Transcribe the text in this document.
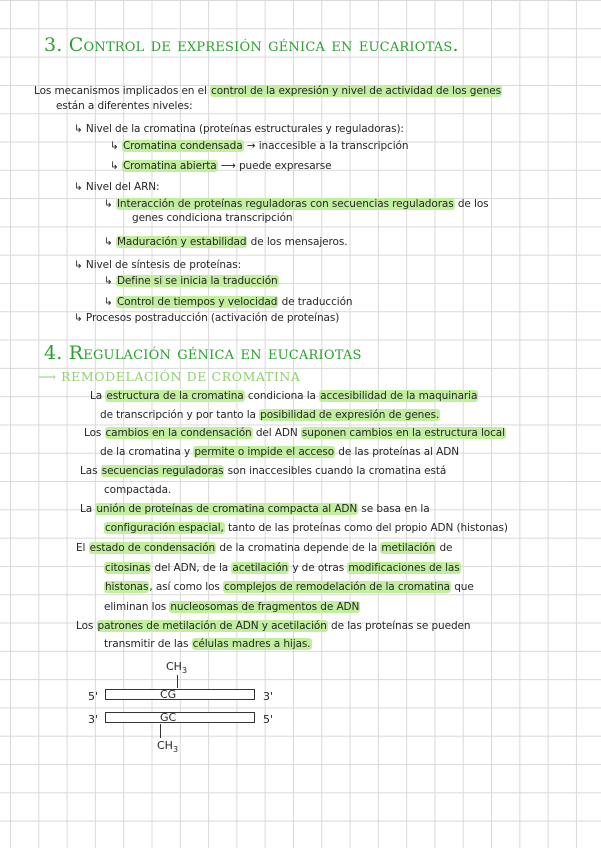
3. Control de expresión génica en eucariotas.
Los mecanismos implicados en el control de la expresión y nivel de actividad de los genes
están a diferentes niveles:
↳ Nivel de la cromatina (proteínas estructurales y reguladoras):
↳ Cromatina condensada → inaccesible a la transcripción
↳ Cromatina abierta ⟶ puede expresarse
↳ Nivel del ARN:
↳ Interacción de proteínas reguladoras con secuencias reguladoras de los
genes condiciona transcripción
↳ Maduración y estabilidad de los mensajeros.
↳ Nivel de síntesis de proteínas:
↳ Define si se inicia la traducción
↳ Control de tiempos y velocidad de traducción
↳ Procesos postraducción (activación de proteínas)
4. Regulación génica en eucariotas
⟶ REMODELACIÓN DE CROMATINA
La estructura de la cromatina condiciona la accesibilidad de la maquinaria
de transcripción y por tanto la posibilidad de expresión de genes.
Los cambios en la condensación del ADN suponen cambios en la estructura local
de la cromatina y permite o impide el acceso de las proteínas al ADN
Las secuencias reguladoras son inaccesibles cuando la cromatina está
compactada.
La unión de proteínas de cromatina compacta al ADN se basa en la
configuración espacial, tanto de las proteínas como del propio ADN (histonas)
El estado de condensación de la cromatina depende de la metilación de
citosinas del ADN, de la acetilación y de otras modificaciones de las
histonas, así como los complejos de remodelación de la cromatina que
eliminan los nucleosomas de fragmentos de ADN
Los patrones de metilación de ADN y acetilación de las proteínas se pueden
transmitir de las células madres a hijas.
$CH_3$
5'	CG	3'
3'	GC	5'
$CH_3$
